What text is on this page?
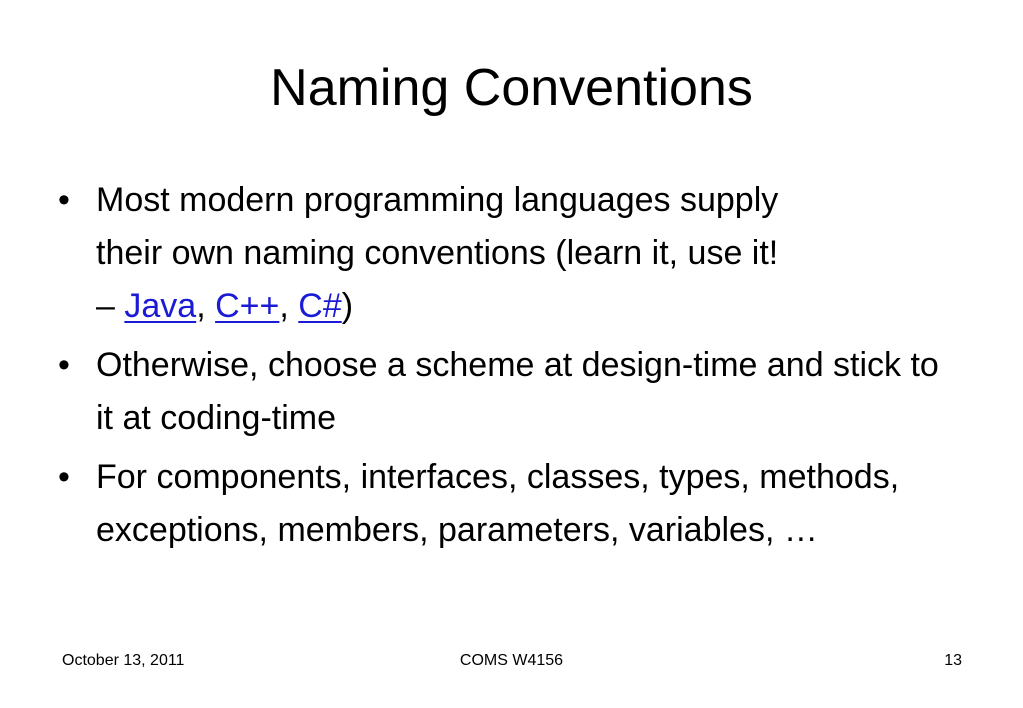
Naming Conventions
• Most modern programming languages supply
their own naming conventions (learn it, use it!
– Java, C++, C#)
• Otherwise, choose a scheme at design-time and stick to it at coding-time
• For components, interfaces, classes, types, methods, exceptions, members, parameters, variables, …
October 13, 2011	COMS W4156	13
